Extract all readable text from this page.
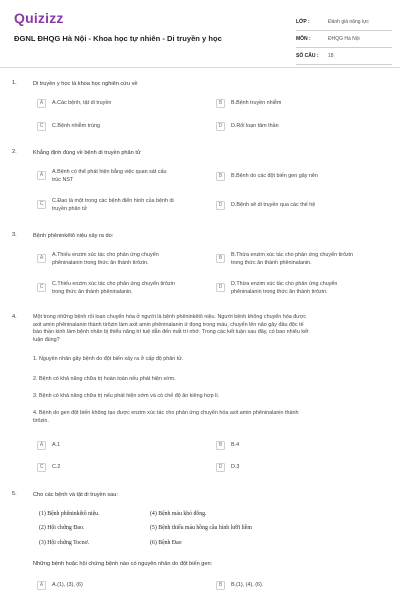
Quizizz
ĐGNL ĐHQG Hà Nội - Khoa học tự nhiên - Di truyền y học
LỚP :	Đánh giá năng lực
MÔN :	ĐHQG Hà Nội
SỐ CÂU :	18
1.	Di truyền y học là khoa học nghiên cứu về
A	A.Các bệnh, tật di truyền	B	B.Bệnh truyền nhiễm
C	C.Bệnh nhiễm trùng	D	D.Rối loạn tâm thần
2.	Khẳng định đúng về bệnh di truyền phân tử
A	A.Bệnh có thể phát hiện bằng việc quan sát cấu
trúc NST
B	B.Bệnh do các đột biến gen gây nên
C	C.Đao là một trong các bệnh điển hình của bệnh di
truyền phân tử
D	D.Bệnh sẽ di truyền qua các thế hệ
3.	Bệnh phêninkêtô niệu xảy ra do:
A	A.Thiếu enzim xúc tác cho phản ứng chuyển
phêninalanin trong thức ăn thành tirôzin.
B	B.Thừa enzim xúc tác cho phản ứng chuyển tirôzin
trong thức ăn thành phêninalanin.
C	C.Thiếu enzim xúc tác cho phản ứng chuyển tirôzin
trong thức ăn thành phêninalanin.
D	D.Thừa enzim xúc tác cho phản ứng chuyển
phêninalanin trong thức ăn thành tirôzin.
4.	Một trong những bệnh rối loạn chuyển hóa ở người là bệnh phêninkêtô niệu. Người bệnh không chuyển hóa được
axit amin phêninalanin thành tirôzin làm axit amin phêninalanin ứ đọng trong máu, chuyển lên não gây đầu độc tế
bào thần kinh làm bệnh nhân bị thiểu năng trí tuệ dẫn đến mất trí nhớ. Trong các kết luận sau đây, có bao nhiêu kết
luận đúng?
1. Nguyên nhân gây bệnh do đột biến xảy ra ở cấp độ phân tử.
2. Bệnh có khả năng chữa trị hoàn toàn nếu phát hiện sớm.
3. Bệnh có khả năng chữa trị nếu phát hiện sớm và có chế độ ăn kiêng hợp lí.
4. Bệnh do gen đột biến không tạo được enzim xúc tác cho phản ứng chuyển hóa axit amin phêninalanin thành
tirôzin.
A	A.1	B	B.4
C	C.2	D	D.3
5.	Cho các bệnh và tật di truyền sau:
(1) Bệnh phêninkêtô niệu.	(4) Bệnh máu khó đông.
(2) Hội chứng Đao.	(5) Bệnh thiếu máu hồng cầu hình lưỡi liềm
(3) Hội chứng Tocnơ.	(6) Bệnh Đao
Những bệnh hoặc hội chứng bệnh nào có nguyên nhân do đột biến gen:
A	A.(1), (3), (6)	B	B.(1), (4), (6).
